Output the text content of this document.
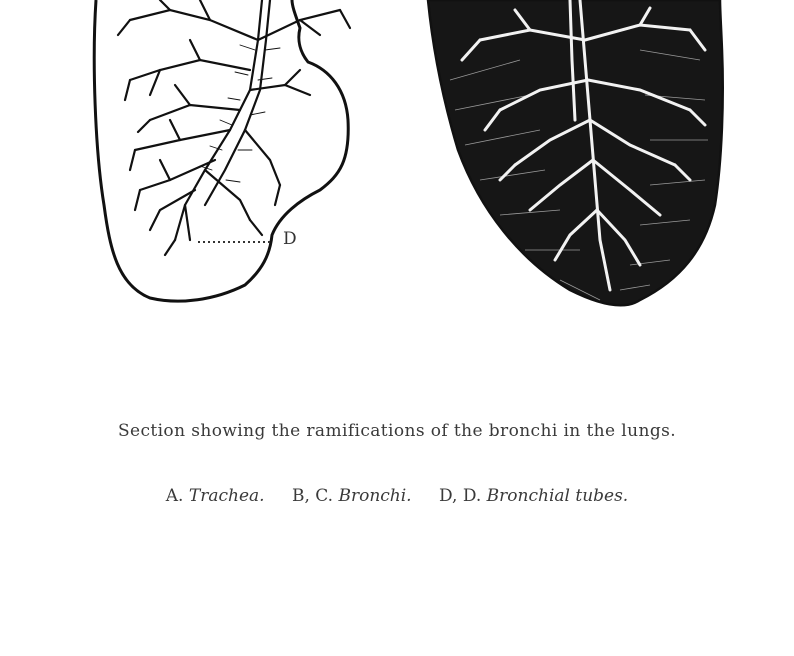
D
Section showing the ramifications of the bronchi in the lungs.
A. Trachea. B, C. Bronchi. D, D. Bronchial tubes.
